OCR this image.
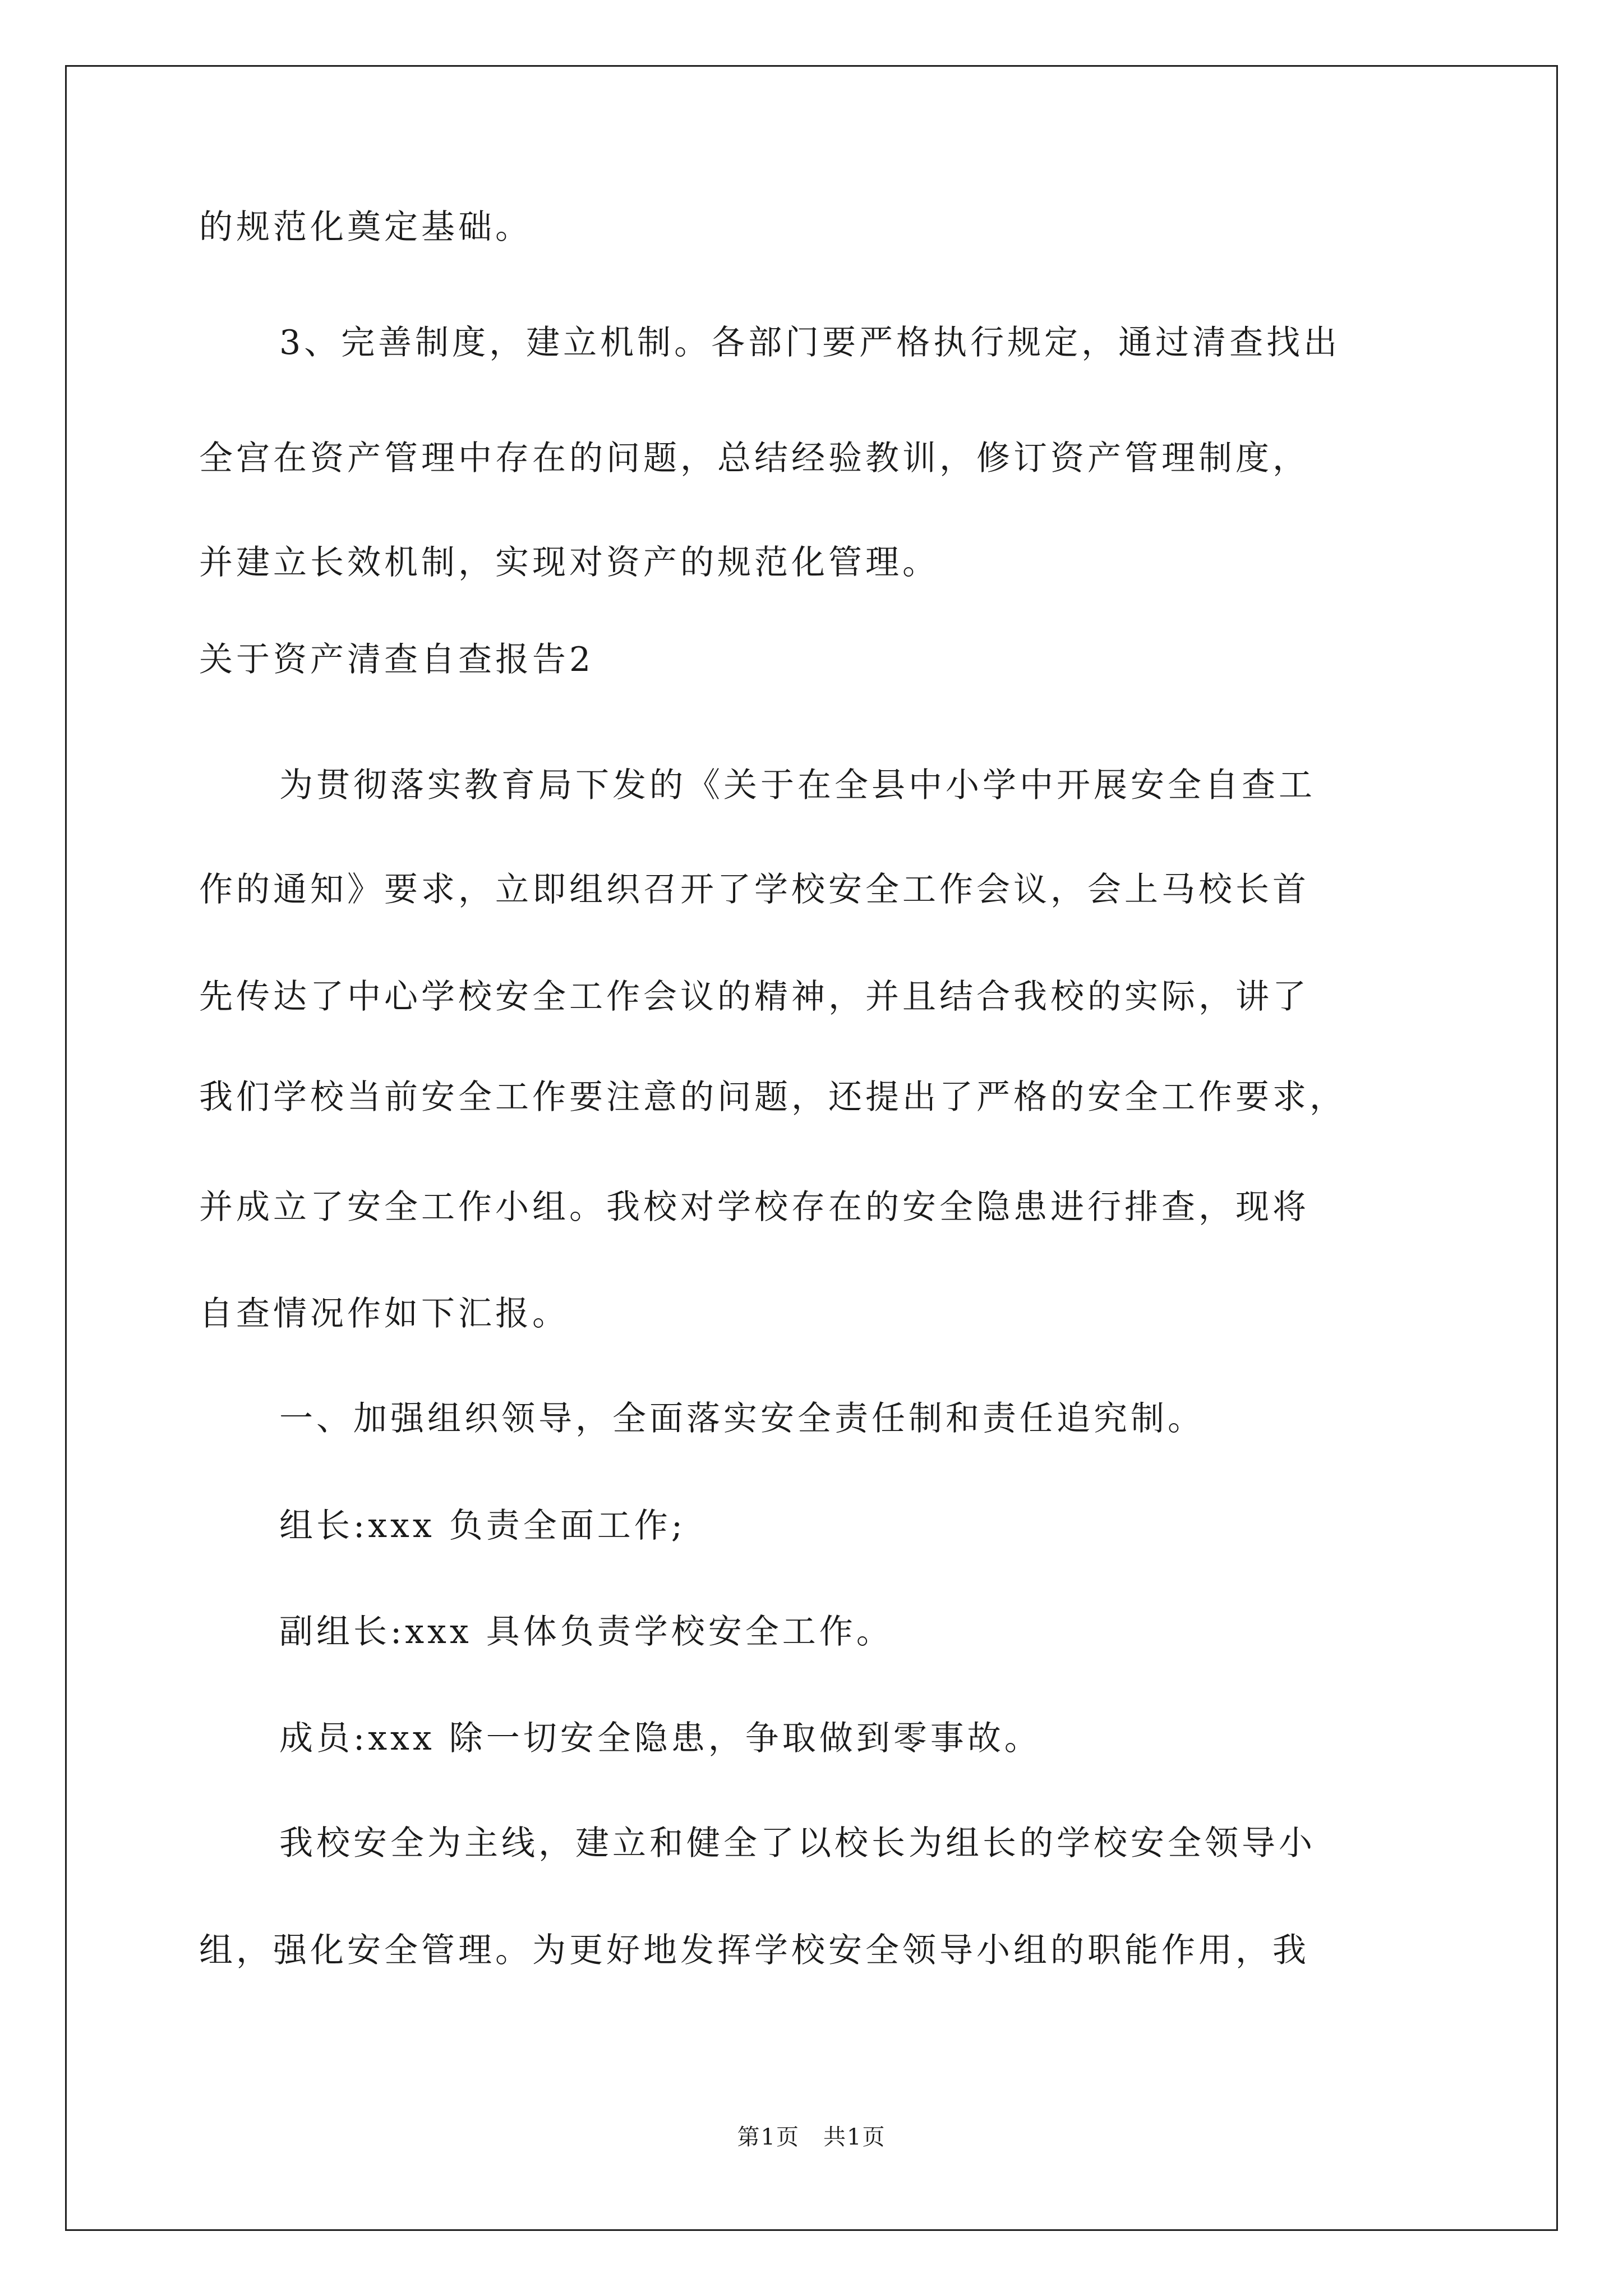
的规范化奠定基础。
3、完善制度，建立机制。各部门要严格执行规定，通过清查找出
全宫在资产管理中存在的问题，总结经验教训，修订资产管理制度，
并建立长效机制，实现对资产的规范化管理。
关于资产清查自查报告2
为贯彻落实教育局下发的《关于在全县中小学中开展安全自查工
作的通知》要求，立即组织召开了学校安全工作会议，会上马校长首
先传达了中心学校安全工作会议的精神，并且结合我校的实际，讲了
我们学校当前安全工作要注意的问题，还提出了严格的安全工作要求，
并成立了安全工作小组。我校对学校存在的安全隐患进行排查，现将
自查情况作如下汇报。
一、加强组织领导，全面落实安全责任制和责任追究制。
组长:xxx 负责全面工作;
副组长:xxx 具体负责学校安全工作。
成员:xxx 除一切安全隐患，争取做到零事故。
我校安全为主线，建立和健全了以校长为组长的学校安全领导小
组，强化安全管理。为更好地发挥学校安全领导小组的职能作用，我
第1页　共1页
